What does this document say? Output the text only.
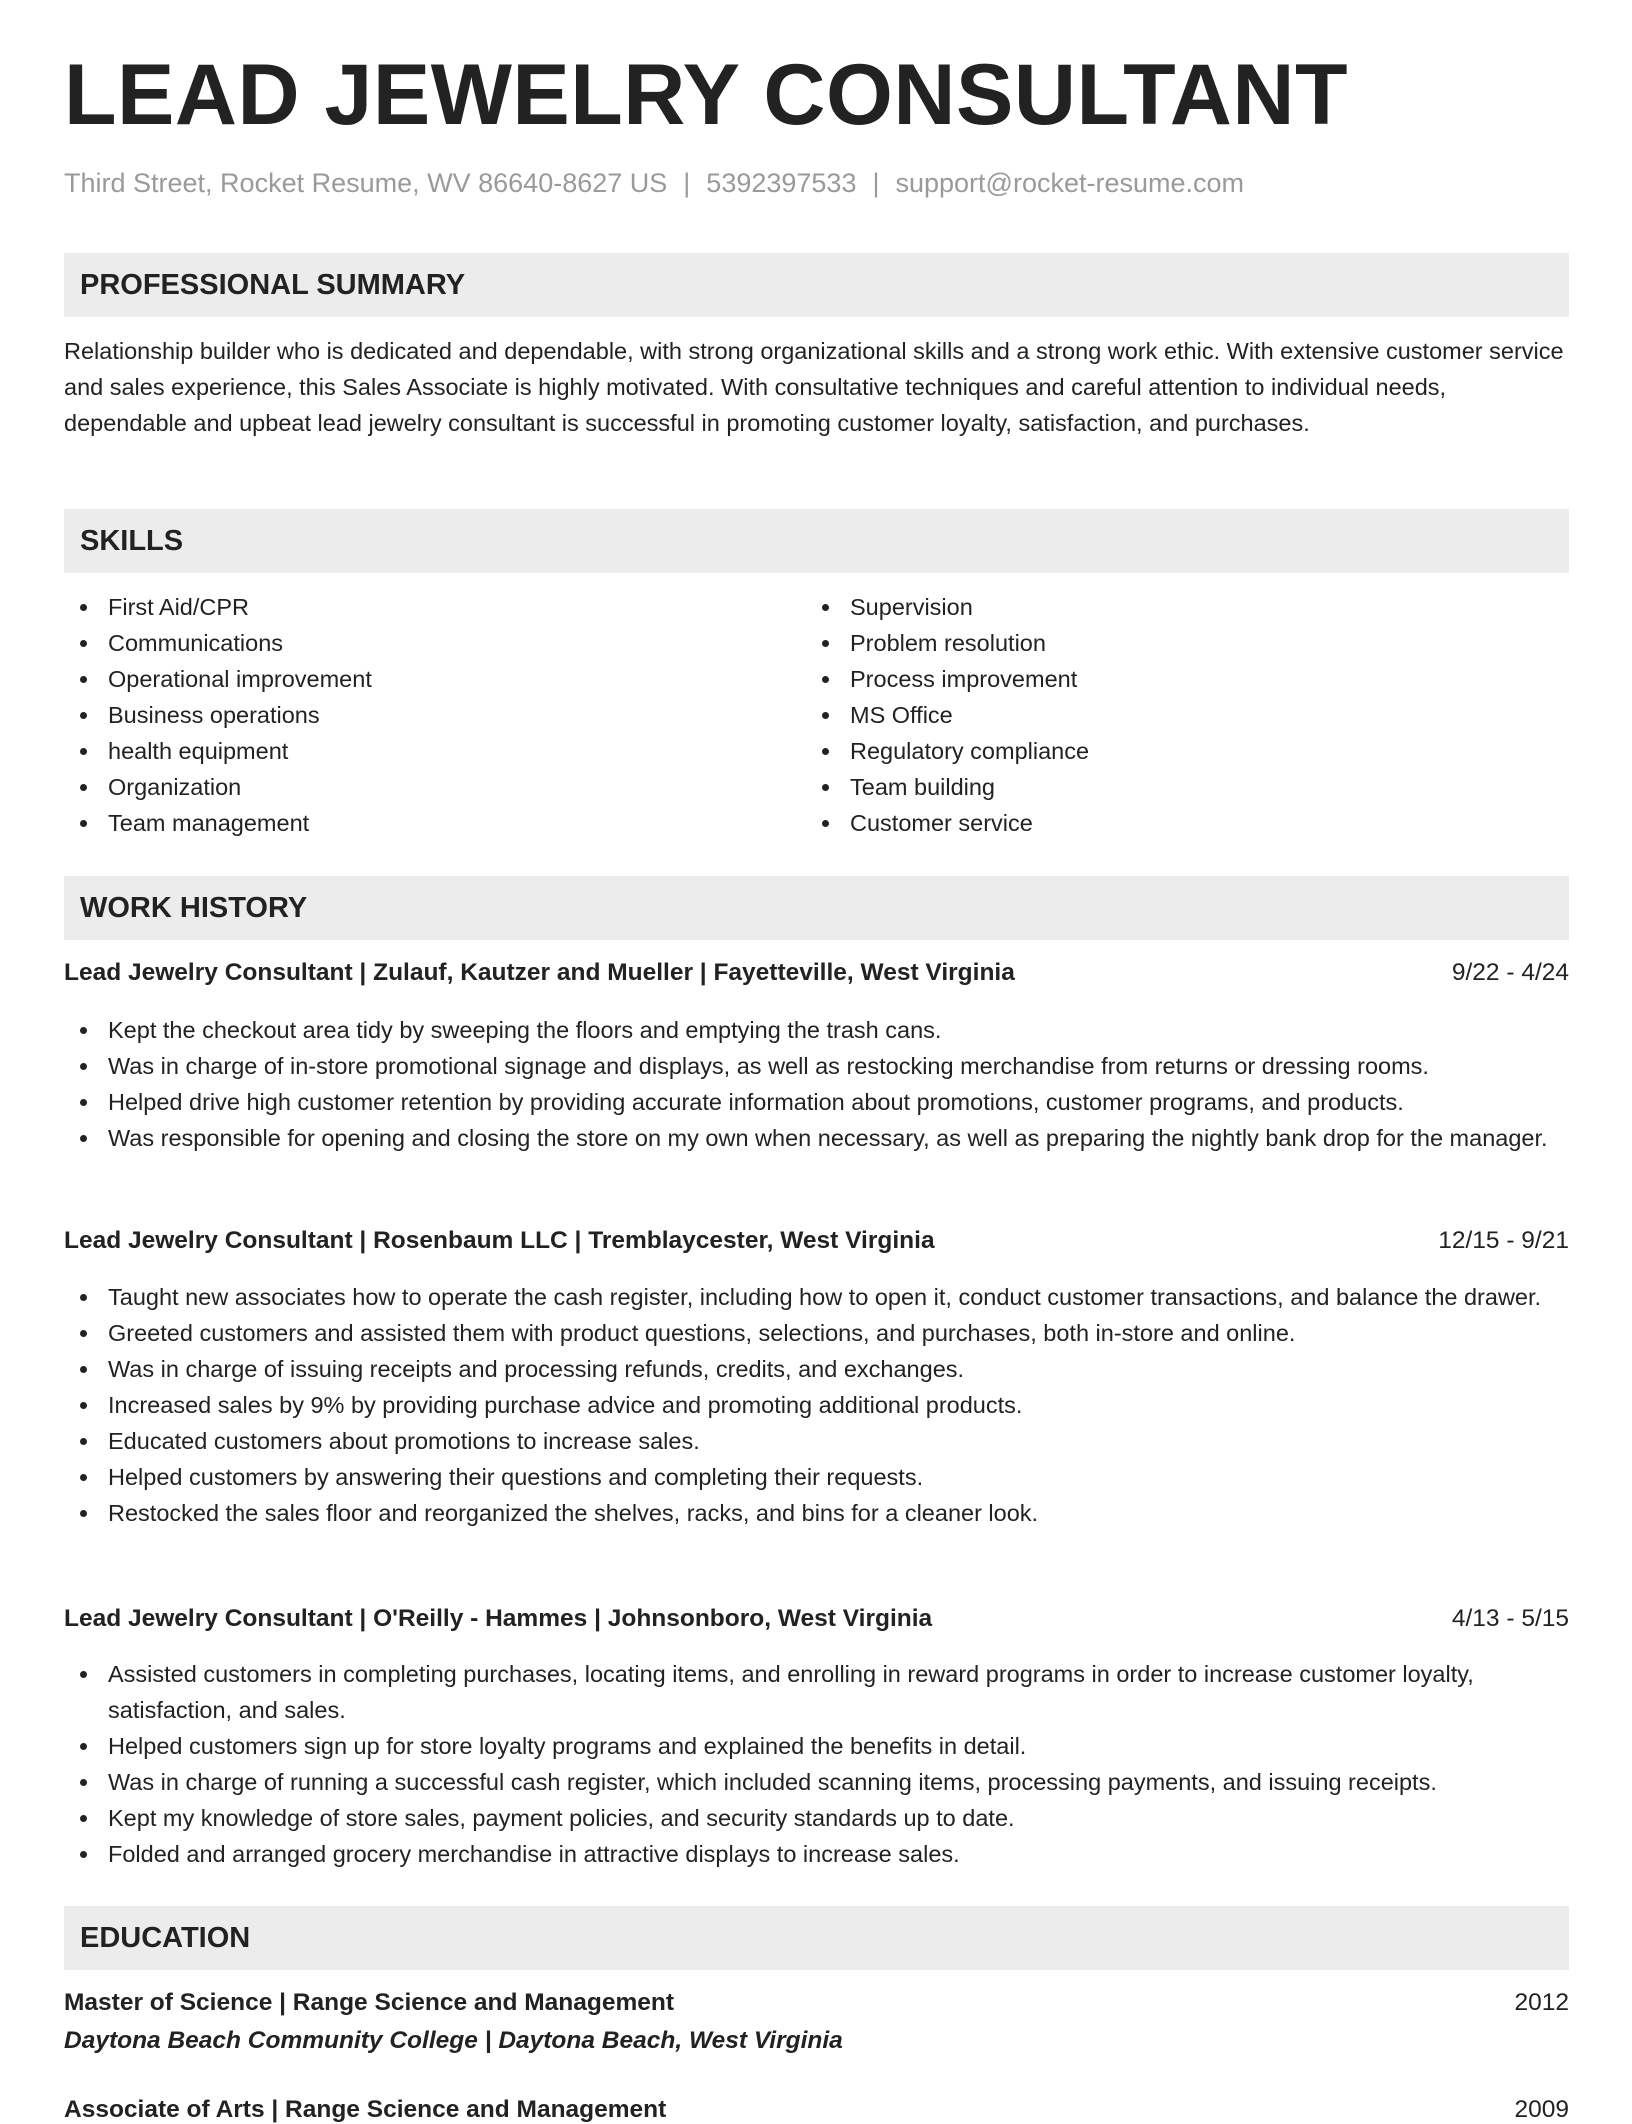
LEAD JEWELRY CONSULTANT
Third Street, Rocket Resume, WV 86640-8627 US | 5392397533 | support@rocket-resume.com
PROFESSIONAL SUMMARY

Relationship builder who is dedicated and dependable, with strong organizational skills and a strong work ethic. With extensive customer service and sales experience, this Sales Associate is highly motivated. With consultative techniques and careful attention to individual needs, dependable and upbeat lead jewelry consultant is successful in promoting customer loyalty, satisfaction, and purchases.

SKILLS
First Aid/CPR
Communications
Operational improvement
Business operations
health equipment
Organization
Team management
Supervision
Problem resolution
Process improvement
MS Office
Regulatory compliance
Team building
Customer service
WORK HISTORY
Lead Jewelry Consultant | Zulauf, Kautzer and Mueller | Fayetteville, West Virginia	9/22 - 4/24
Kept the checkout area tidy by sweeping the floors and emptying the trash cans.
Was in charge of in-store promotional signage and displays, as well as restocking merchandise from returns or dressing rooms.
Helped drive high customer retention by providing accurate information about promotions, customer programs, and products.
Was responsible for opening and closing the store on my own when necessary, as well as preparing the nightly bank drop for the manager.
Lead Jewelry Consultant | Rosenbaum LLC | Tremblaycester, West Virginia	12/15 - 9/21
Taught new associates how to operate the cash register, including how to open it, conduct customer transactions, and balance the drawer.
Greeted customers and assisted them with product questions, selections, and purchases, both in-store and online.
Was in charge of issuing receipts and processing refunds, credits, and exchanges.
Increased sales by 9% by providing purchase advice and promoting additional products.
Educated customers about promotions to increase sales.
Helped customers by answering their questions and completing their requests.
Restocked the sales floor and reorganized the shelves, racks, and bins for a cleaner look.
Lead Jewelry Consultant | O'Reilly - Hammes | Johnsonboro, West Virginia	4/13 - 5/15
Assisted customers in completing purchases, locating items, and enrolling in reward programs in order to increase customer loyalty, satisfaction, and sales.
Helped customers sign up for store loyalty programs and explained the benefits in detail.
Was in charge of running a successful cash register, which included scanning items, processing payments, and issuing receipts.
Kept my knowledge of store sales, payment policies, and security standards up to date.
Folded and arranged grocery merchandise in attractive displays to increase sales.
EDUCATION
Master of Science | Range Science and Management	2012
Daytona Beach Community College | Daytona Beach, West Virginia
Associate of Arts | Range Science and Management	2009
